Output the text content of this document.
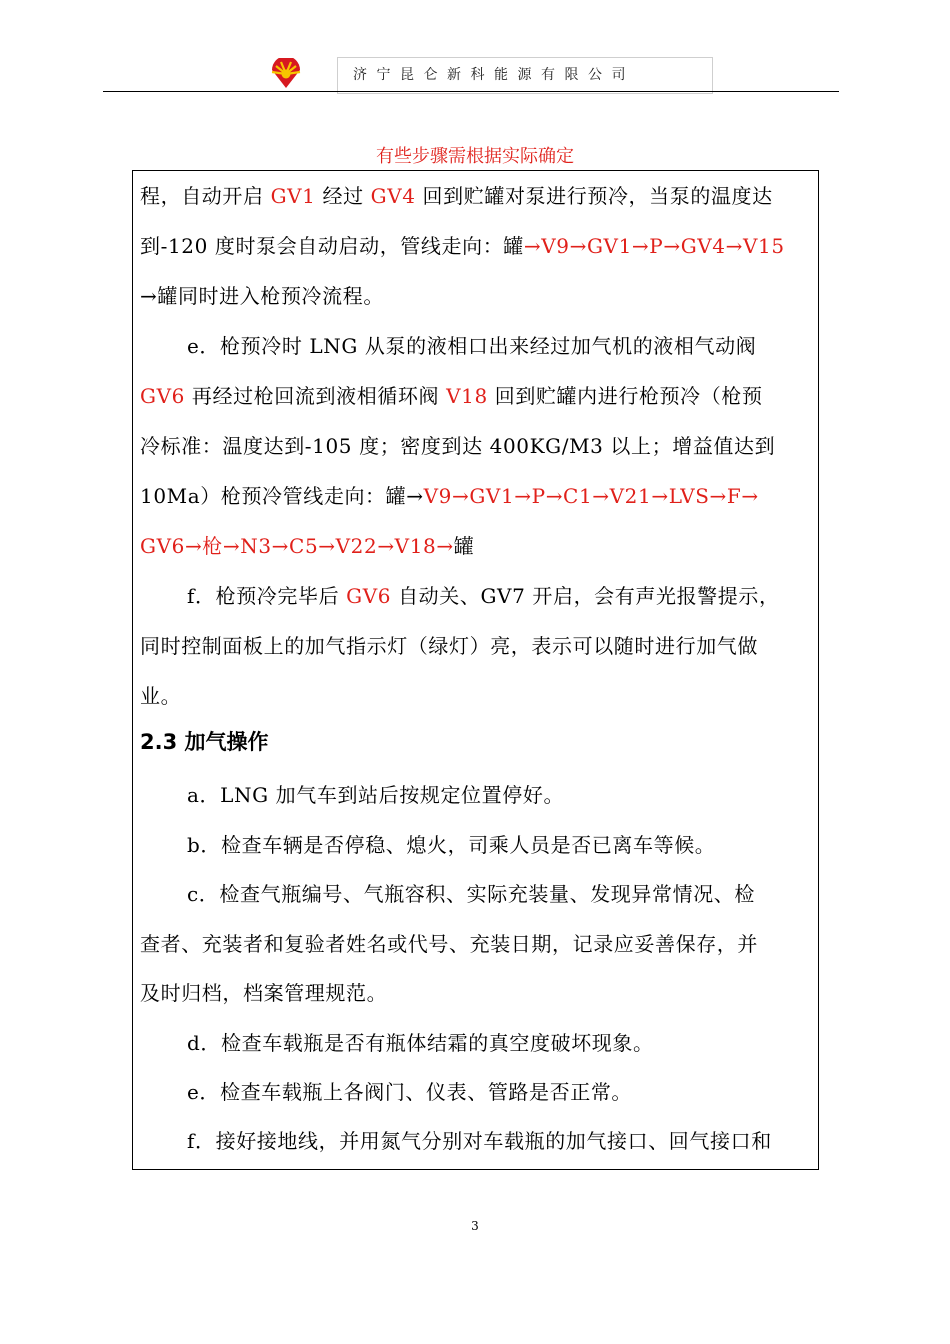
济宁昆仑新科能源有限公司
有些步骤需根据实际确定
程，自动开启 GV1 经过 GV4 回到贮罐对泵进行预冷，当泵的温度达
到-120 度时泵会自动启动，管线走向：罐→V9→GV1→P→GV4→V15
→罐同时进入枪预冷流程。
e．枪预冷时 LNG 从泵的液相口出来经过加气机的液相气动阀
GV6 再经过枪回流到液相循环阀 V18 回到贮罐内进行枪预冷（枪预
冷标准：温度达到-105 度；密度到达 400KG/M3 以上；增益值达到
10Ma）枪预冷管线走向：罐→V9→GV1→P→C1→V21→LVS→F→
GV6→枪→N3→C5→V22→V18→罐
f．枪预冷完毕后 GV6 自动关、GV7 开启，会有声光报警提示，
同时控制面板上的加气指示灯（绿灯）亮，表示可以随时进行加气做
业。
2.3 加气操作
a．LNG 加气车到站后按规定位置停好。
b．检查车辆是否停稳、熄火，司乘人员是否已离车等候。
c．检查气瓶编号、气瓶容积、实际充装量、发现异常情况、检
查者、充装者和复验者姓名或代号、充装日期，记录应妥善保存，并
及时归档，档案管理规范。
d．检查车载瓶是否有瓶体结霜的真空度破坏现象。
e．检查车载瓶上各阀门、仪表、管路是否正常。
f．接好接地线，并用氮气分别对车载瓶的加气接口、回气接口和
3
